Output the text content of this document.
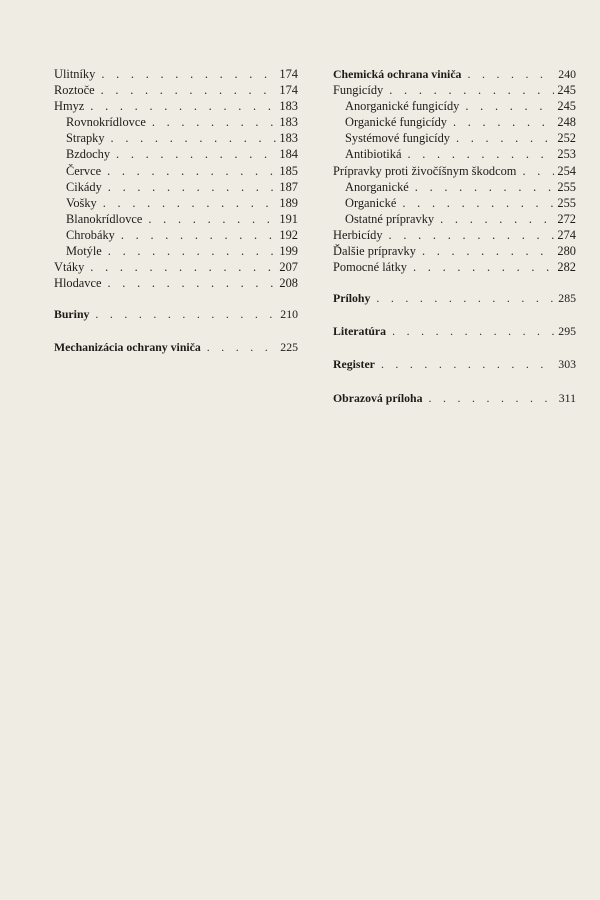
Ulitníky . . .	174
Roztoče . . .	174
Hmyz . . .	183
Rovnokrídlovce . . .	183
Strapky . . .	183
Bzdochy . . .	184
Červce . . .	185
Cikády . . .	187
Vošky . . .	189
Blanokrídlovce . . .	191
Chrobáky . . .	192
Motýle . . .	199
Vtáky . . .	207
Hlodavce . . .	208
Buriny . . .	210
Mechanizácia ochrany viniča . . .	225
Chemická ochrana viniča . . .	240
Fungicídy . . .	245
Anorganické fungicídy . . .	245
Organické fungicídy . . .	248
Systémové fungicídy . . .	252
Antibiotiká . . .	253
Prípravky proti živočíšnym škodcom . . .	254
Anorganické . . .	255
Organické . . .	255
Ostatné prípravky . . .	272
Herbicídy . . .	274
Ďalšie prípravky . . .	280
Pomocné látky . . .	282
Prílohy . . .	285
Literatúra . . .	295
Register . . .	303
Obrazová príloha . . .	311
